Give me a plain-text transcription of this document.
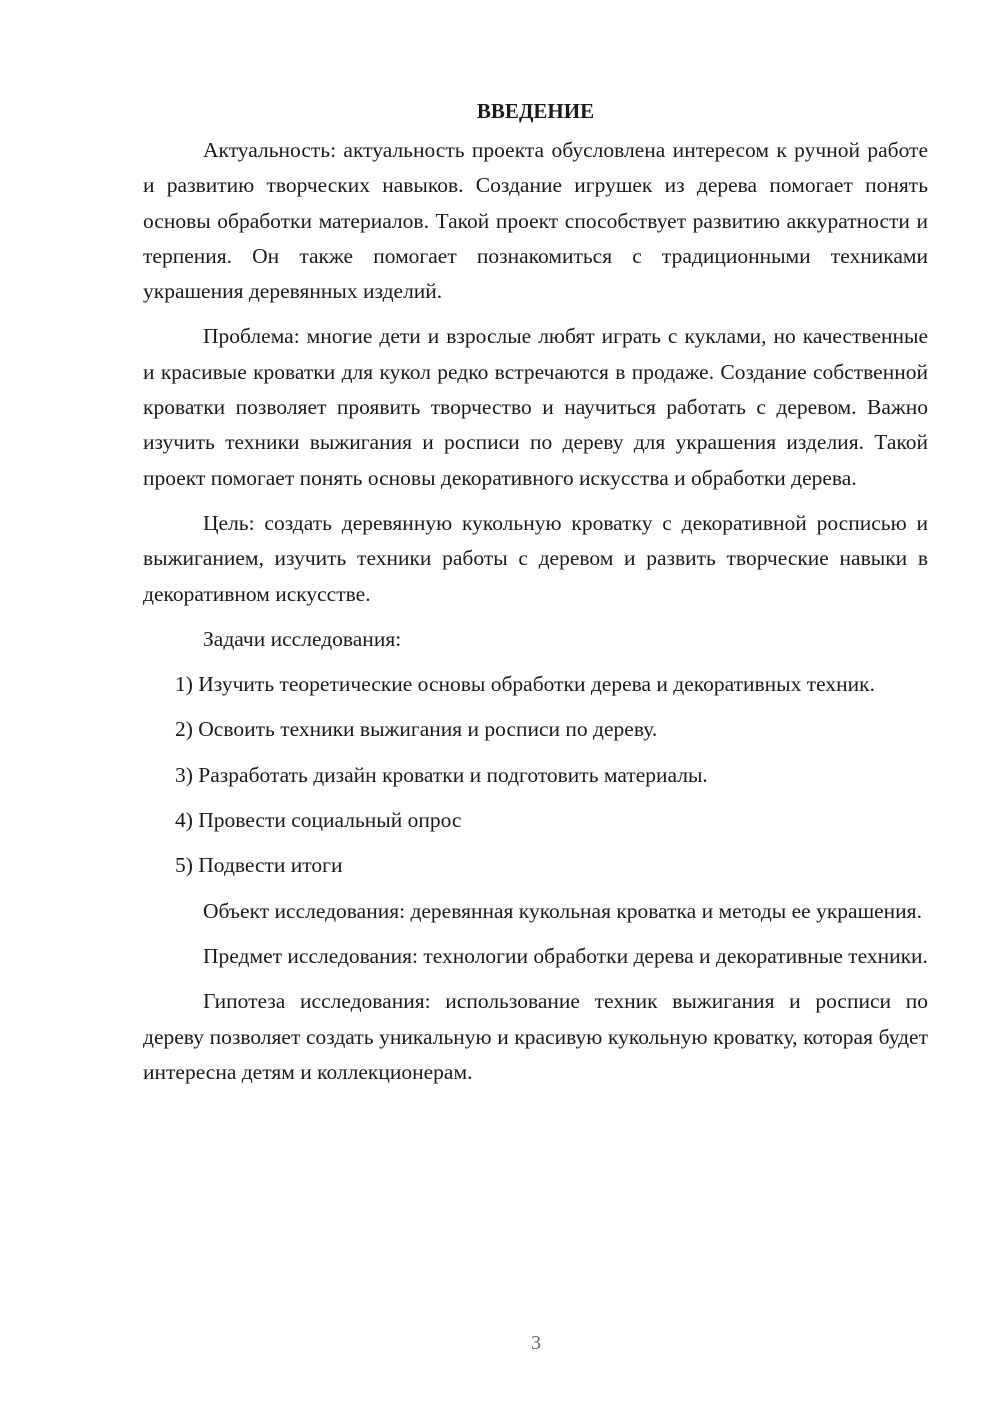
ВВЕДЕНИЕ

Актуальность: актуальность проекта обусловлена интересом к ручной работе и развитию творческих навыков. Создание игрушек из дерева помогает понять основы обработки материалов. Такой проект способствует развитию аккуратности и терпения. Он также помогает познакомиться с традиционными техниками украшения деревянных изделий.

Проблема: многие дети и взрослые любят играть с куклами, но качественные и красивые кроватки для кукол редко встречаются в продаже. Создание собственной кроватки позволяет проявить творчество и научиться работать с деревом. Важно изучить техники выжигания и росписи по дереву для украшения изделия. Такой проект помогает понять основы декоративного искусства и обработки дерева.

Цель: создать деревянную кукольную кроватку с декоративной росписью и выжиганием, изучить техники работы с деревом и развить творческие навыки в декоративном искусстве.

Задачи исследования:

1) Изучить теоретические основы обработки дерева и декоративных техник.

2) Освоить техники выжигания и росписи по дереву.

3) Разработать дизайн кроватки и подготовить материалы.

4) Провести социальный опрос

5) Подвести итоги

Объект исследования: деревянная кукольная кроватка и методы ее украшения.

Предмет исследования: технологии обработки дерева и декоративные техники.

Гипотеза исследования: использование техник выжигания и росписи по дереву позволяет создать уникальную и красивую кукольную кроватку, которая будет интересна детям и коллекционерам.

3
